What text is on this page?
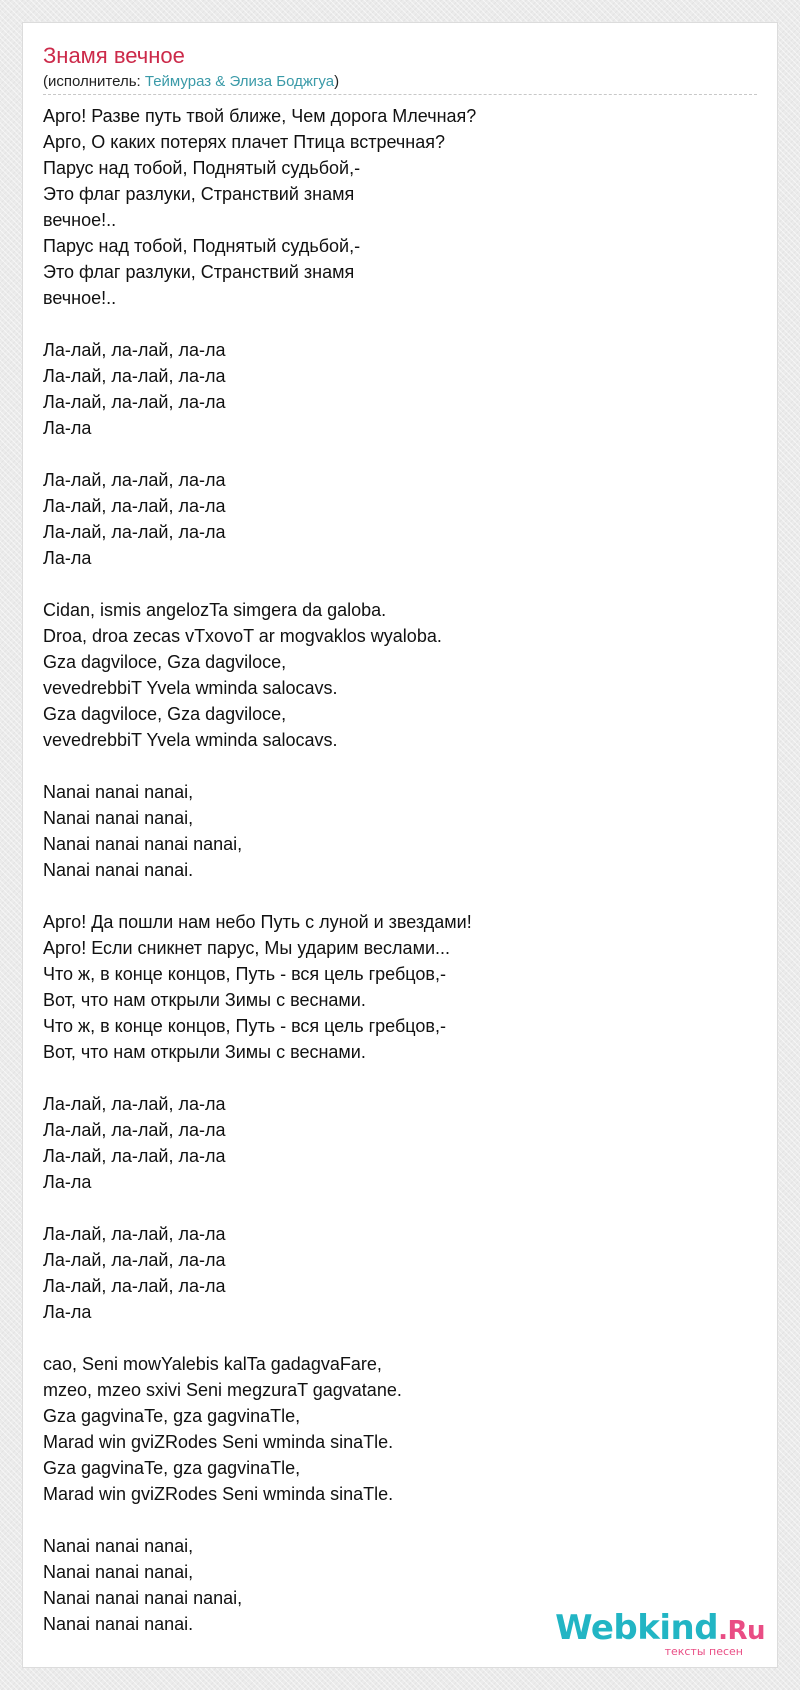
Знамя вечное
(исполнитель: Теймураз & Элиза Боджгуа)
Арго! Разве путь твой ближе, Чем дорога Млечная?
Арго, О каких потерях плачет Птица встречная?
Парус над тобой, Поднятый судьбой,-
Это флаг разлуки, Странствий знамя
вечное!..
Парус над тобой, Поднятый судьбой,-
Это флаг разлуки, Странствий знамя
вечное!..
Ла-лай, ла-лай, ла-ла
Ла-лай, ла-лай, ла-ла
Ла-лай, ла-лай, ла-ла
Ла-ла
Ла-лай, ла-лай, ла-ла
Ла-лай, ла-лай, ла-ла
Ла-лай, ла-лай, ла-ла
Ла-ла
Cidan, ismis angelozTa simgera da galoba.
Droa, droa zecas vTxovoT ar mogvaklos wyaloba.
Gza dagviloce, Gza dagviloce,
vevedrebbiT Yvela wminda salocavs.
Gza dagviloce, Gza dagviloce,
vevedrebbiT Yvela wminda salocavs.
Nanai nanai nanai,
Nanai nanai nanai,
Nanai nanai nanai nanai,
Nanai nanai nanai.
Арго! Да пошли нам небо Путь с луной и звездами!
Арго! Если сникнет парус, Мы ударим веслами...
Что ж, в конце концов, Путь - вся цель гребцов,-
Вот, что нам открыли Зимы с веснами.
Что ж, в конце концов, Путь - вся цель гребцов,-
Вот, что нам открыли Зимы с веснами.
Ла-лай, ла-лай, ла-ла
Ла-лай, ла-лай, ла-ла
Ла-лай, ла-лай, ла-ла
Ла-ла
Ла-лай, ла-лай, ла-ла
Ла-лай, ла-лай, ла-ла
Ла-лай, ла-лай, ла-ла
Ла-ла
cao, Seni mowYalebis kalTa gadagvaFare,
mzeo, mzeo sxivi Seni megzuraT gagvatane.
Gza gagvinaTe, gza gagvinaTle,
Marad win gviZRodes Seni wminda sinaTle.
Gza gagvinaTe, gza gagvinaTle,
Marad win gviZRodes Seni wminda sinaTle.
Nanai nanai nanai,
Nanai nanai nanai,
Nanai nanai nanai nanai,
Nanai nanai nanai.	Webkind.Ru
тексты песен
